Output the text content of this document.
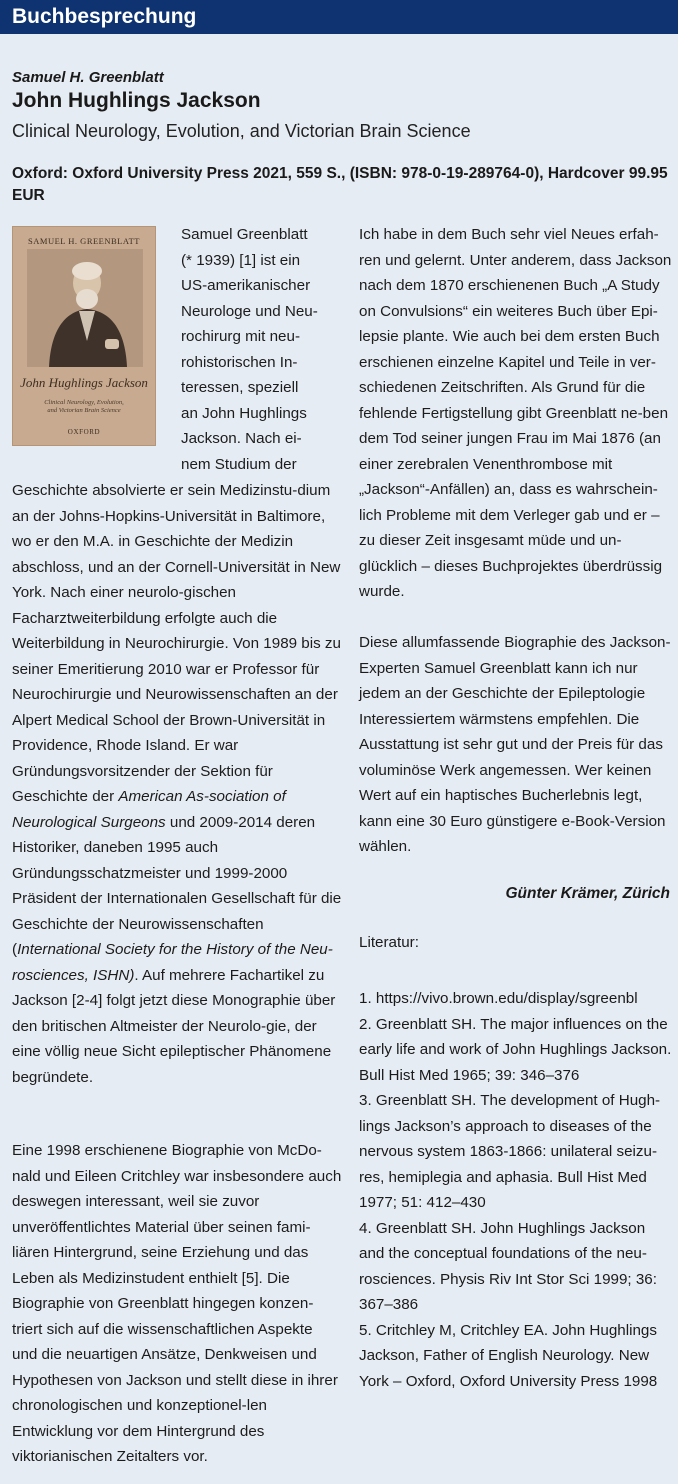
Buchbesprechung
Samuel H. Greenblatt
John Hughlings Jackson
Clinical Neurology, Evolution, and Victorian Brain Science
Oxford: Oxford University Press 2021, 559 S., (ISBN: 978-0-19-289764-0), Hardcover 99.95 EUR
SAMUEL H. GREENBLATT
John Hughlings Jackson
Clinical Neurology, Evolution,
and Victorian Brain Science
OXFORD
Samuel Greenblatt
(* 1939) [1] ist ein
US-amerikanischer
Neurologe und Neu-
rochirurg mit neu-
rohistorischen In-
teressen, speziell
an John Hughlings
Jackson. Nach ei-
nem Studium der
Geschichte absolvierte er sein Medizinstu-dium an der Johns-Hopkins-Universität in Baltimore, wo er den M.A. in Geschichte der Medizin abschloss, und an der Cornell-Universität in New York. Nach einer neurolo-gischen Facharztweiterbildung erfolgte auch die Weiterbildung in Neurochirurgie. Von 1989 bis zu seiner Emeritierung 2010 war er Professor für Neurochirurgie und Neurowissenschaften an der Alpert Medical School der Brown-Universität in Providence, Rhode Island. Er war Gründungsvorsitzender der Sektion für Geschichte der American As-sociation of Neurological Surgeons und 2009-2014 deren Historiker, daneben 1995 auch Gründungsschatzmeister und 1999-2000 Präsident der Internationalen Gesellschaft für die Geschichte der Neurowissenschaften (International Society for the History of the Neu-rosciences, ISHN). Auf mehrere Fachartikel zu Jackson [2-4] folgt jetzt diese Monographie über den britischen Altmeister der Neurolo-gie, der eine völlig neue Sicht epileptischer Phänomene begründete.
Eine 1998 erschienene Biographie von McDo-nald und Eileen Critchley war insbesondere auch deswegen interessant, weil sie zuvor unveröffentlichtes Material über seinen fami-liären Hintergrund, seine Erziehung und das Leben als Medizinstudent enthielt [5]. Die Biographie von Greenblatt hingegen konzen-triert sich auf die wissenschaftlichen Aspekte und die neuartigen Ansätze, Denkweisen und Hypothesen von Jackson und stellt diese in ihrer chronologischen und konzeptionel-len Entwicklung vor dem Hintergrund des viktorianischen Zeitalters vor.
Ich habe in dem Buch sehr viel Neues erfah-ren und gelernt. Unter anderem, dass Jackson nach dem 1870 erschienenen Buch „A Study on Convulsions“ ein weiteres Buch über Epi-lepsie plante. Wie auch bei dem ersten Buch erschienen einzelne Kapitel und Teile in ver-schiedenen Zeitschriften. Als Grund für die fehlende Fertigstellung gibt Greenblatt ne-ben dem Tod seiner jungen Frau im Mai 1876 (an einer zerebralen Venenthrombose mit „Jackson“-Anfällen) an, dass es wahrschein-lich Probleme mit dem Verleger gab und er – zu dieser Zeit insgesamt müde und un-glücklich – dieses Buchprojektes überdrüssig wurde.
Diese allumfassende Biographie des Jackson-Experten Samuel Greenblatt kann ich nur jedem an der Geschichte der Epileptologie Interessiertem wärmstens empfehlen. Die Ausstattung ist sehr gut und der Preis für das voluminöse Werk angemessen. Wer keinen Wert auf ein haptisches Bucherlebnis legt, kann eine 30 Euro günstigere e-Book-Version wählen.
Günter Krämer, Zürich
Literatur:
1. https://vivo.brown.edu/display/sgreenbl
2. Greenblatt SH. The major influences on the early life and work of John Hughlings Jackson. Bull Hist Med 1965; 39: 346–376
3. Greenblatt SH. The development of Hugh-lings Jackson’s approach to diseases of the nervous system 1863-1866: unilateral seizu-res, hemiplegia and aphasia. Bull Hist Med 1977; 51: 412–430
4. Greenblatt SH. John Hughlings Jackson and the conceptual foundations of the neu-rosciences. Physis Riv Int Stor Sci 1999; 36: 367–386
5. Critchley M, Critchley EA. John Hughlings Jackson, Father of English Neurology. New York – Oxford, Oxford University Press 1998
